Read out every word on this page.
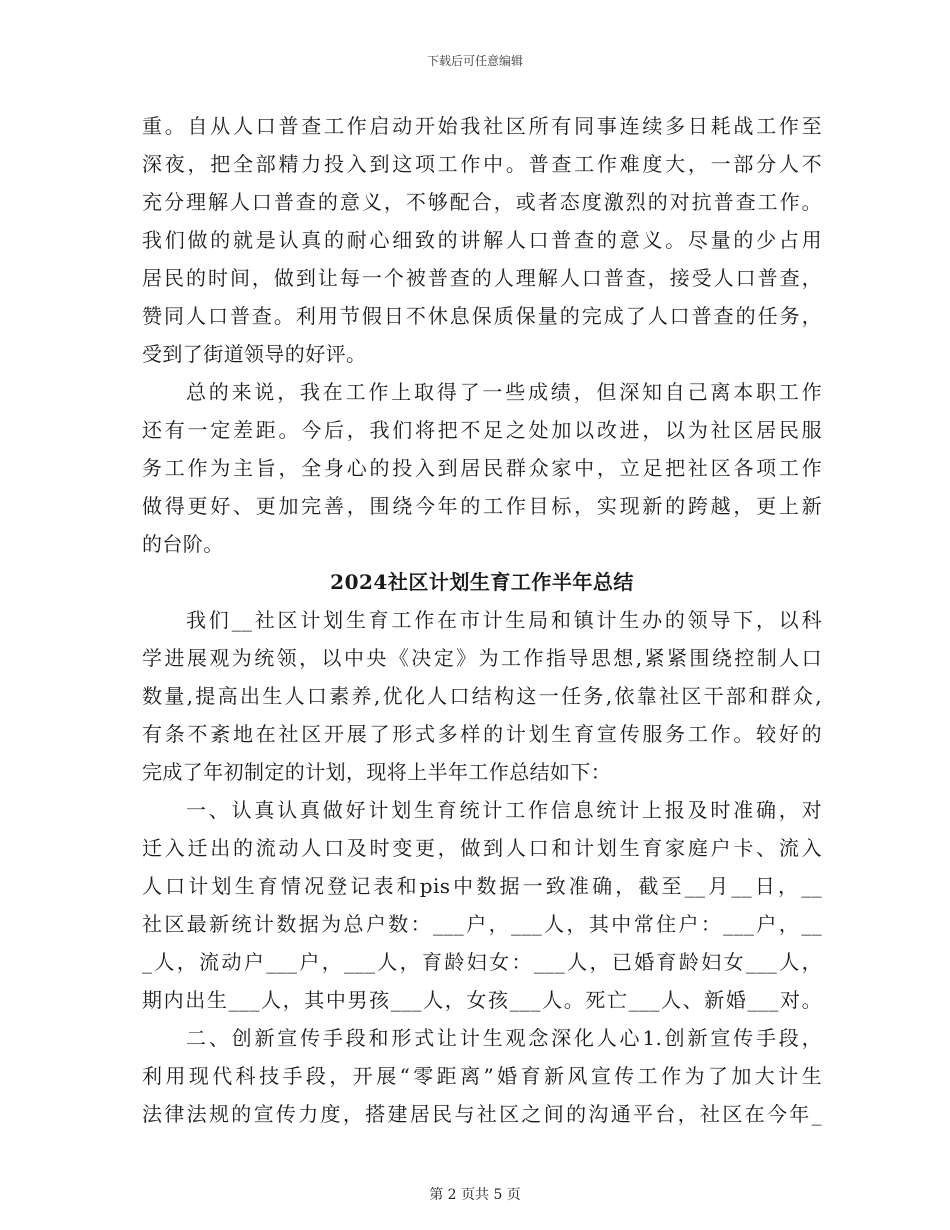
下载后可任意编辑
重。自从人口普查工作启动开始我社区所有同事连续多日耗战工作至
深夜，把全部精力投入到这项工作中。普查工作难度大，一部分人不
充分理解人口普查的意义，不够配合，或者态度激烈的对抗普查工作。
我们做的就是认真的耐心细致的讲解人口普查的意义。尽量的少占用
居民的时间，做到让每一个被普查的人理解人口普查，接受人口普查，
赞同人口普查。利用节假日不休息保质保量的完成了人口普查的任务，
受到了街道领导的好评。
总的来说，我在工作上取得了一些成绩，但深知自己离本职工作
还有一定差距。今后，我们将把不足之处加以改进，以为社区居民服
务工作为主旨，全身心的投入到居民群众家中，立足把社区各项工作
做得更好、更加完善，围绕今年的工作目标，实现新的跨越，更上新
的台阶。
2024社区计划生育工作半年总结
我们__社区计划生育工作在市计生局和镇计生办的领导下，以科
学进展观为统领，以中央《决定》为工作指导思想,紧紧围绕控制人口
数量,提高出生人口素养,优化人口结构这一任务,依靠社区干部和群众,
有条不紊地在社区开展了形式多样的计划生育宣传服务工作。较好的
完成了年初制定的计划，现将上半年工作总结如下：
一、认真认真做好计划生育统计工作信息统计上报及时准确，对
迁入迁出的流动人口及时变更，做到人口和计划生育家庭户卡、流入
人口计划生育情况登记表和pis中数据一致准确，截至__月__日，__
社区最新统计数据为总户数：___户，___人，其中常住户：___户，__
_人，流动户___户，___人，育龄妇女：___人，已婚育龄妇女___人，
期内出生___人，其中男孩___人，女孩___人。死亡___人、新婚___对。
二、创新宣传手段和形式让计生观念深化人心1.创新宣传手段，
利用现代科技手段，开展“零距离”婚育新风宣传工作为了加大计生
法律法规的宣传力度，搭建居民与社区之间的沟通平台，社区在今年_
第 2 页共 5 页
